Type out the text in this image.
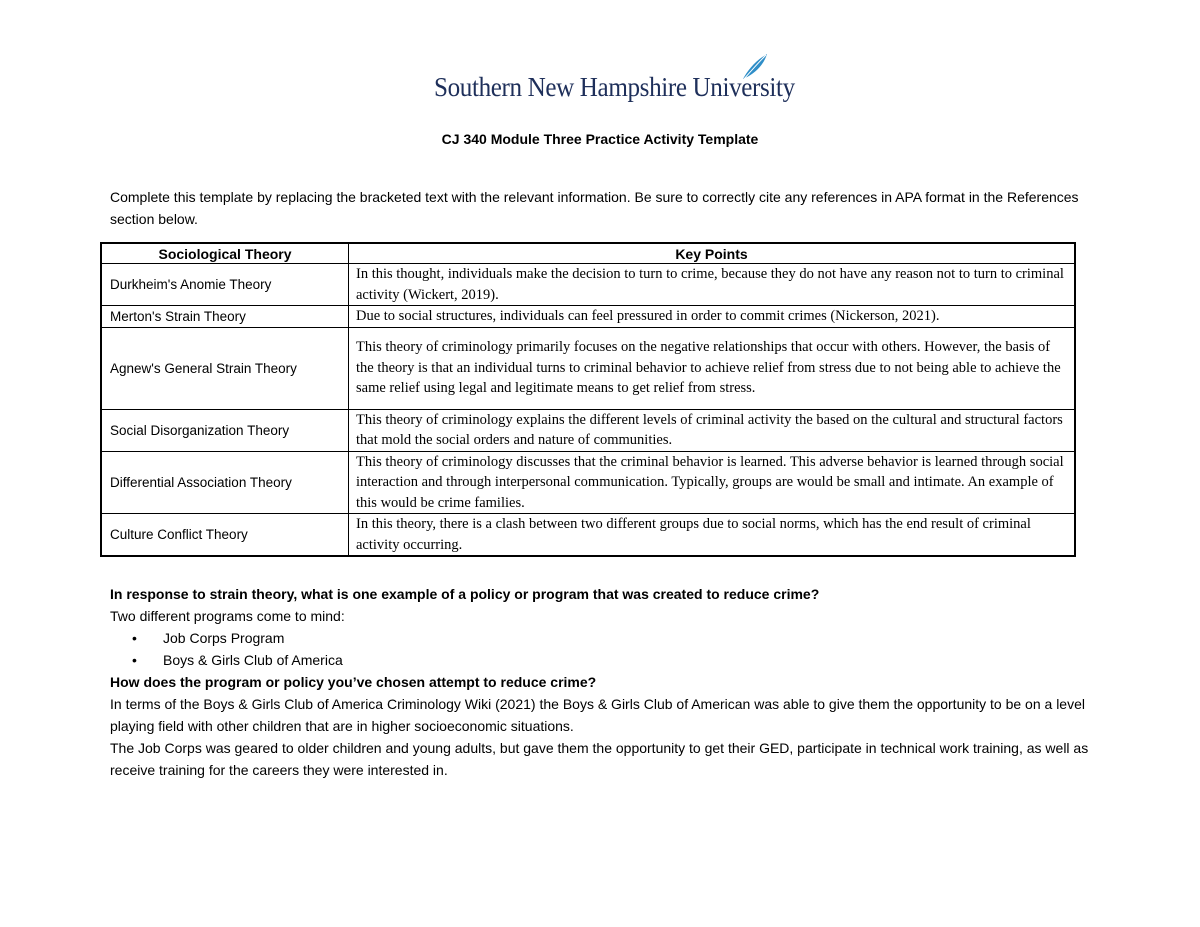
Southern New Hampshire University
CJ 340 Module Three Practice Activity Template
Complete this template by replacing the bracketed text with the relevant information. Be sure to correctly cite any references in APA format in the References section below.
Sociological Theory	Key Points
Durkheim's Anomie Theory	In this thought, individuals make the decision to turn to crime, because they do not have any reason not to turn to criminal activity (Wickert, 2019).
Merton's Strain Theory	Due to social structures, individuals can feel pressured in order to commit crimes (Nickerson, 2021).
Agnew's General Strain Theory	This theory of criminology primarily focuses on the negative relationships that occur with others. However, the basis of the theory is that an individual turns to criminal behavior to achieve relief from stress due to not being able to achieve the same relief using legal and legitimate means to get relief from stress.
Social Disorganization Theory	This theory of criminology explains the different levels of criminal activity the based on the cultural and structural factors that mold the social orders and nature of communities.
Differential Association Theory	This theory of criminology discusses that the criminal behavior is learned. This adverse behavior is learned through social interaction and through interpersonal communication. Typically, groups are would be small and intimate. An example of this would be crime families.
Culture Conflict Theory	In this theory, there is a clash between two different groups due to social norms, which has the end result of criminal activity occurring.

In response to strain theory, what is one example of a policy or program that was created to reduce crime?

Two different programs come to mind:

• Job Corps Program
• Boys & Girls Club of America

How does the program or policy you’ve chosen attempt to reduce crime?

In terms of the Boys & Girls Club of America Criminology Wiki (2021) the Boys & Girls Club of American was able to give them the opportunity to be on a level playing field with other children that are in higher socioeconomic situations.

The Job Corps was geared to older children and young adults, but gave them the opportunity to get their GED, participate in technical work training, as well as receive training for the careers they were interested in.
